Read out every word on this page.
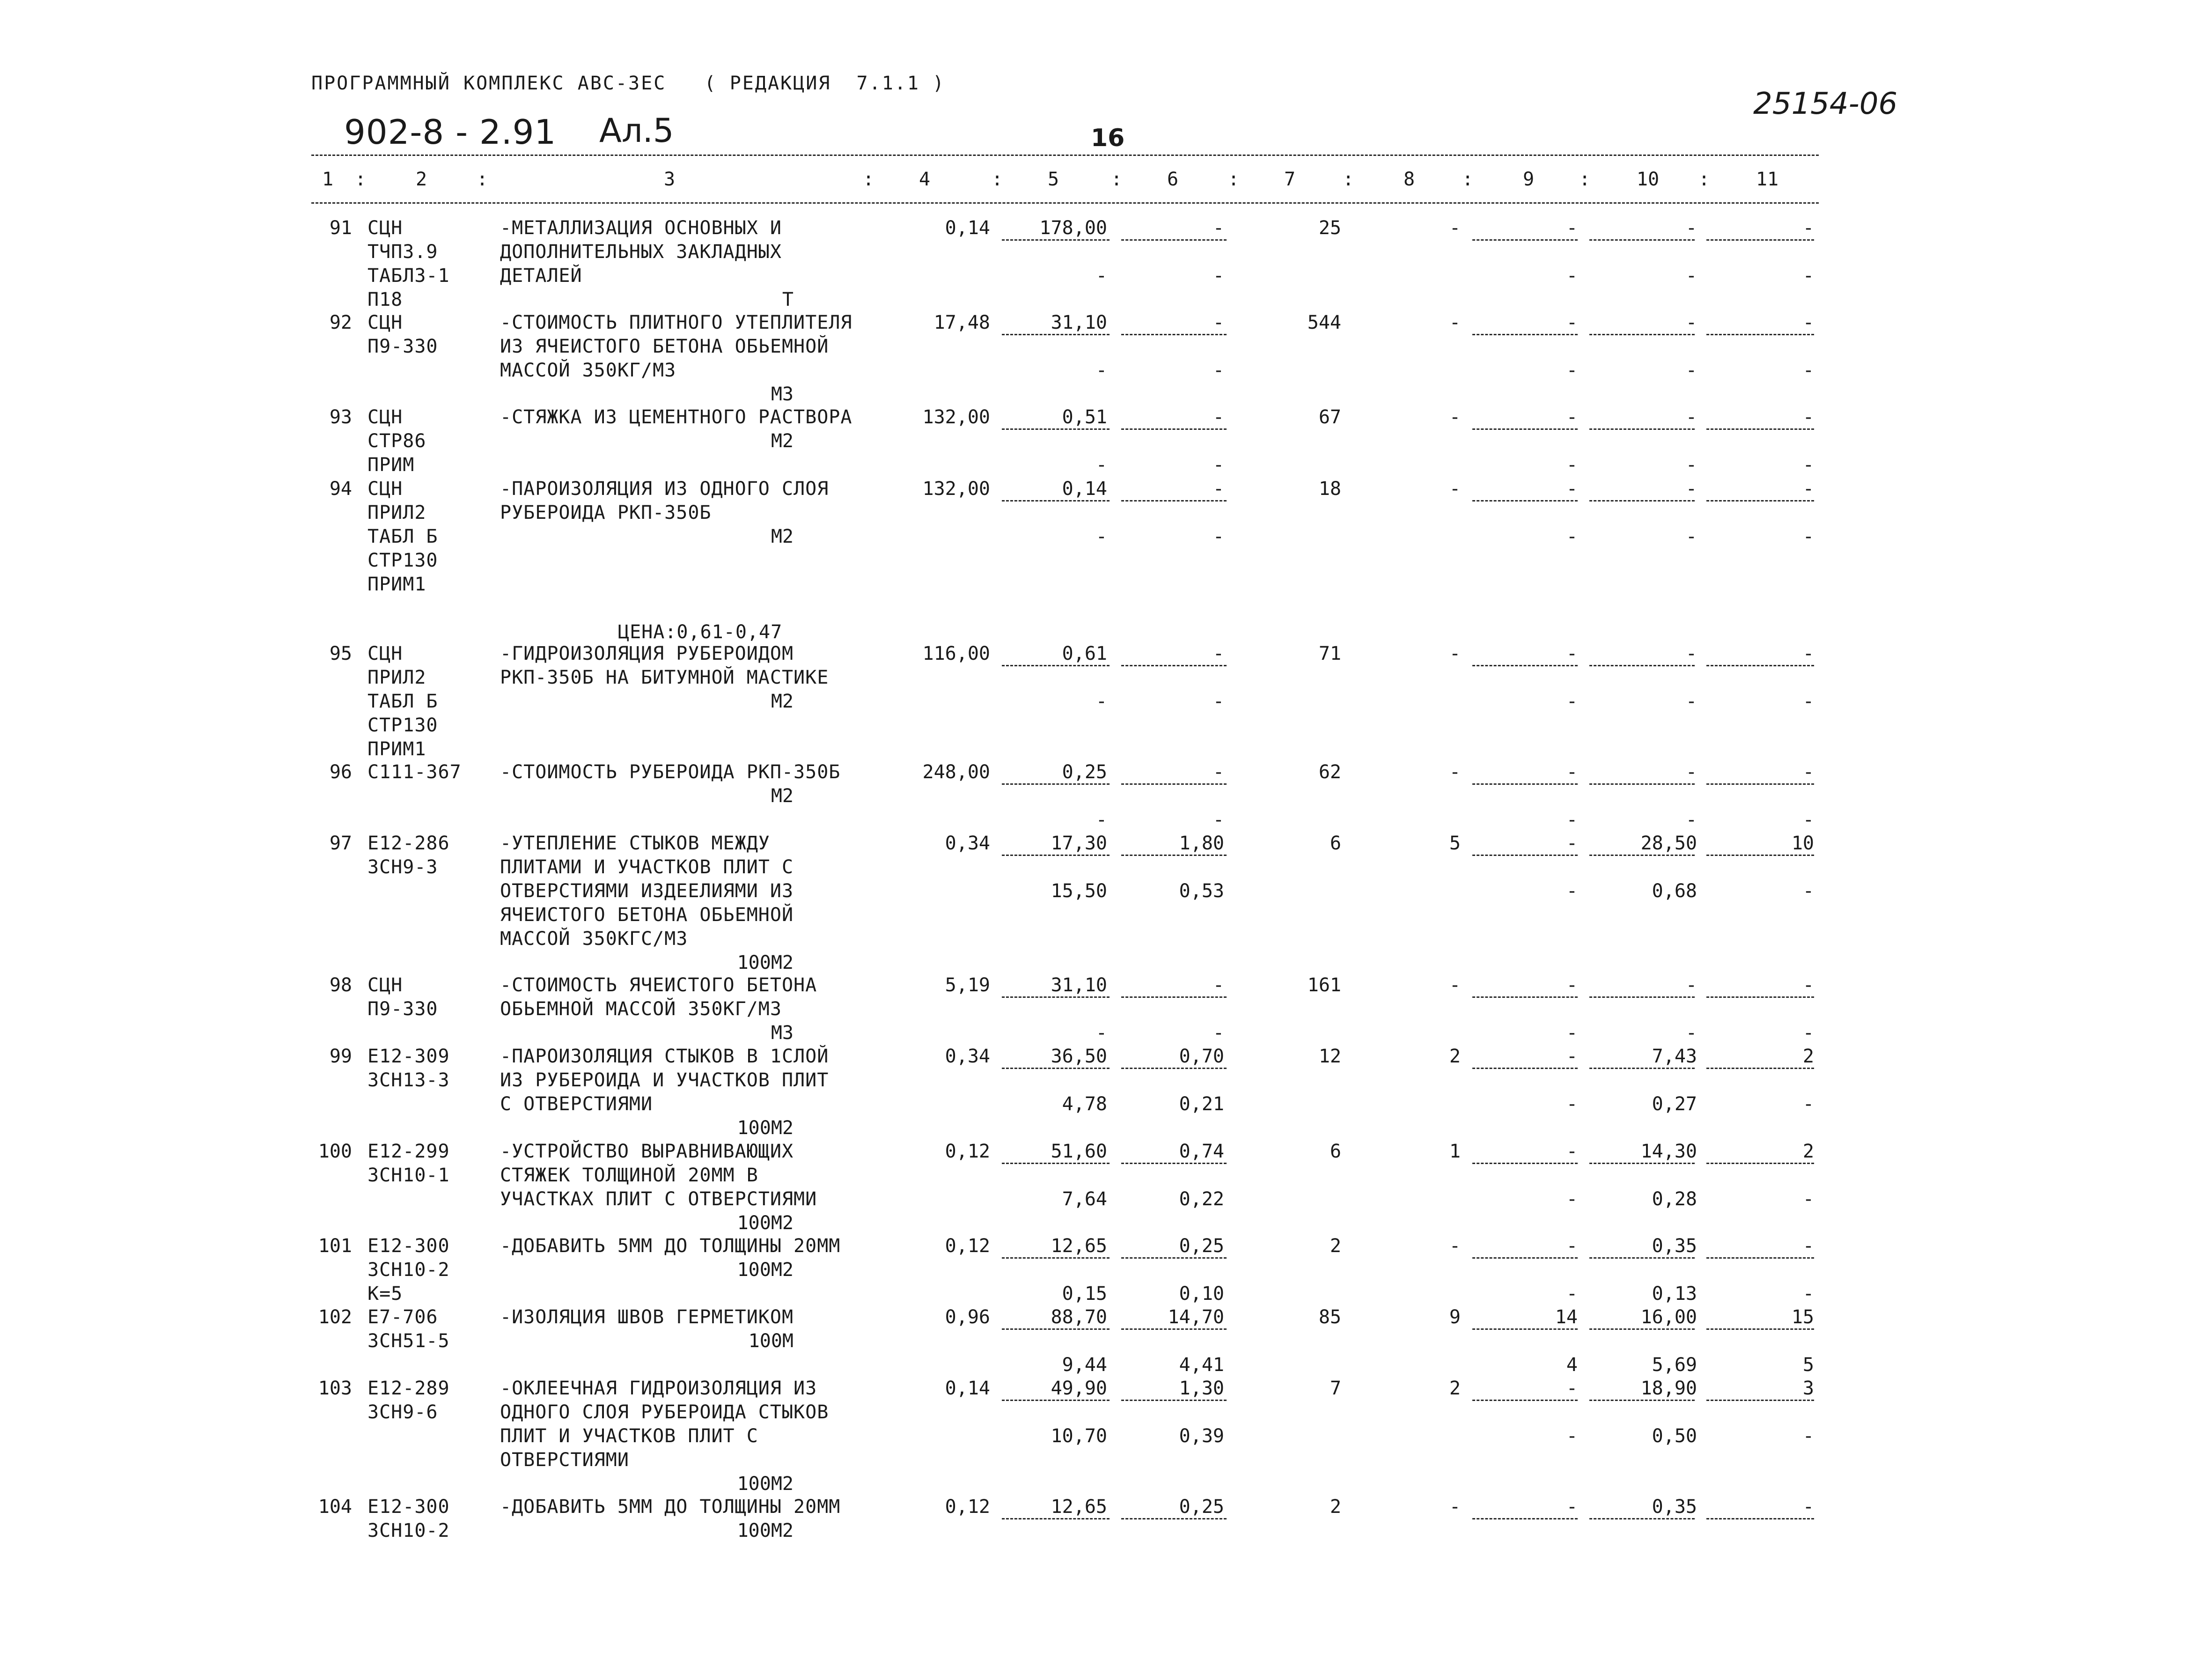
ПРОГРАММНЫЙ КОМПЛЕКС АВС-ЗЕС   ( РЕДАКЦИЯ  7.1.1 )
902-8 - 2.91 Ал.5	16
25154-06
1	2	3	4	5	6	7	8	9	10	11
:	:	:	:	:	:	:	:	:	:
91 СЦН
ТЧП3.9
ТАБЛ3-1
П18
-МЕТАЛЛИЗАЦИЯ ОСНОВНЫХ И
ДОПОЛНИТЕЛЬНЫХ ЗАКЛАДНЫХ
ДЕТАЛЕЙ
Т
0,14	178,00	-	25	-	-	-	-
-	-	-	-	-
92 СЦН
П9-330
-СТОИМОСТЬ ПЛИТНОГО УТЕПЛИТЕЛЯ
ИЗ ЯЧЕИСТОГО БЕТОНА ОБЬЕМНОЙ
МАССОЙ 350КГ/М3
М3
17,48	31,10	-	544	-	-	-	-
-	-	-	-	-
93 СЦН
СТР86
ПРИМ
-СТЯЖКА ИЗ ЦЕМЕНТНОГО РАСТВОРА
М2
132,00	0,51	-	67	-	-	-	-
-	-	-	-	-
94 СЦН
ПРИЛ2
ТАБЛ Б
СТР130
ПРИМ1
-ПАРОИЗОЛЯЦИЯ ИЗ ОДНОГО СЛОЯ
РУБЕРОИДА РКП-350Б
М2
ЦЕНА:0,61-0,47
132,00	0,14	-	18	-	-	-	-
-	-	-	-	-
95 СЦН
ПРИЛ2
ТАБЛ Б
СТР130
ПРИМ1
-ГИДРОИЗОЛЯЦИЯ РУБЕРОИДОМ
РКП-350Б НА БИТУМНОЙ МАСТИКЕ
М2
116,00	0,61	-	71	-	-	-	-
-	-	-	-	-
96 С111-367 -СТОИМОСТЬ РУБЕРОИДА РКП-350Б
М2
248,00	0,25	-	62	-	-	-	-
-	-	-	-	-
97 Е12-286
ЗСН9-3
-УТЕПЛЕНИЕ СТЫКОВ МЕЖДУ
ПЛИТАМИ И УЧАСТКОВ ПЛИТ С
ОТВЕРСТИЯМИ ИЗДЕЕЛИЯМИ ИЗ
ЯЧЕИСТОГО БЕТОНА ОБЬЕМНОЙ
МАССОЙ 350КГС/М3
100М2
0,34	17,30	1,80	6	5	-	28,50	10
15,50	0,53	-	0,68	-
98 СЦН
П9-330
-СТОИМОСТЬ ЯЧЕИСТОГО БЕТОНА
ОБЬЕМНОЙ МАССОЙ 350КГ/М3
М3
5,19	31,10	-	161	-	-	-	-
-	-	-	-	-
99 Е12-309
ЗСН13-3
-ПАРОИЗОЛЯЦИЯ СТЫКОВ В 1СЛОЙ
ИЗ РУБЕРОИДА И УЧАСТКОВ ПЛИТ
С ОТВЕРСТИЯМИ
100М2
0,34	36,50	0,70	12	2	-	7,43	2
4,78	0,21	-	0,27	-
100 Е12-299
ЗСН10-1
-УСТРОЙСТВО ВЫРАВНИВАЮЩИХ
СТЯЖЕК ТОЛЩИНОЙ 20ММ В
УЧАСТКАХ ПЛИТ С ОТВЕРСТИЯМИ
100М2
0,12	51,60	0,74	6	1	-	14,30	2
7,64	0,22	-	0,28	-
101 Е12-300
ЗСН10-2
К=5
-ДОБАВИТЬ 5ММ ДО ТОЛЩИНЫ 20ММ
100М2
0,12	12,65	0,25	2	-	-	0,35	-
0,15	0,10	-	0,13	-
102 Е7-706
ЗСН51-5
-ИЗОЛЯЦИЯ ШВОВ ГЕРМЕТИКОМ
100М
0,96	88,70	14,70	85	9	14	16,00	15
9,44	4,41	4	5,69	5
103 Е12-289
ЗСН9-6
-ОКЛЕЕЧНАЯ ГИДРОИЗОЛЯЦИЯ ИЗ
ОДНОГО СЛОЯ РУБЕРОИДА СТЫКОВ
ПЛИТ И УЧАСТКОВ ПЛИТ С
ОТВЕРСТИЯМИ
100М2
0,14	49,90	1,30	7	2	-	18,90	3
10,70	0,39	-	0,50	-
104 Е12-300
ЗСН10-2
-ДОБАВИТЬ 5ММ ДО ТОЛЩИНЫ 20ММ
100М2
0,12	12,65	0,25	2	-	-	0,35	-
